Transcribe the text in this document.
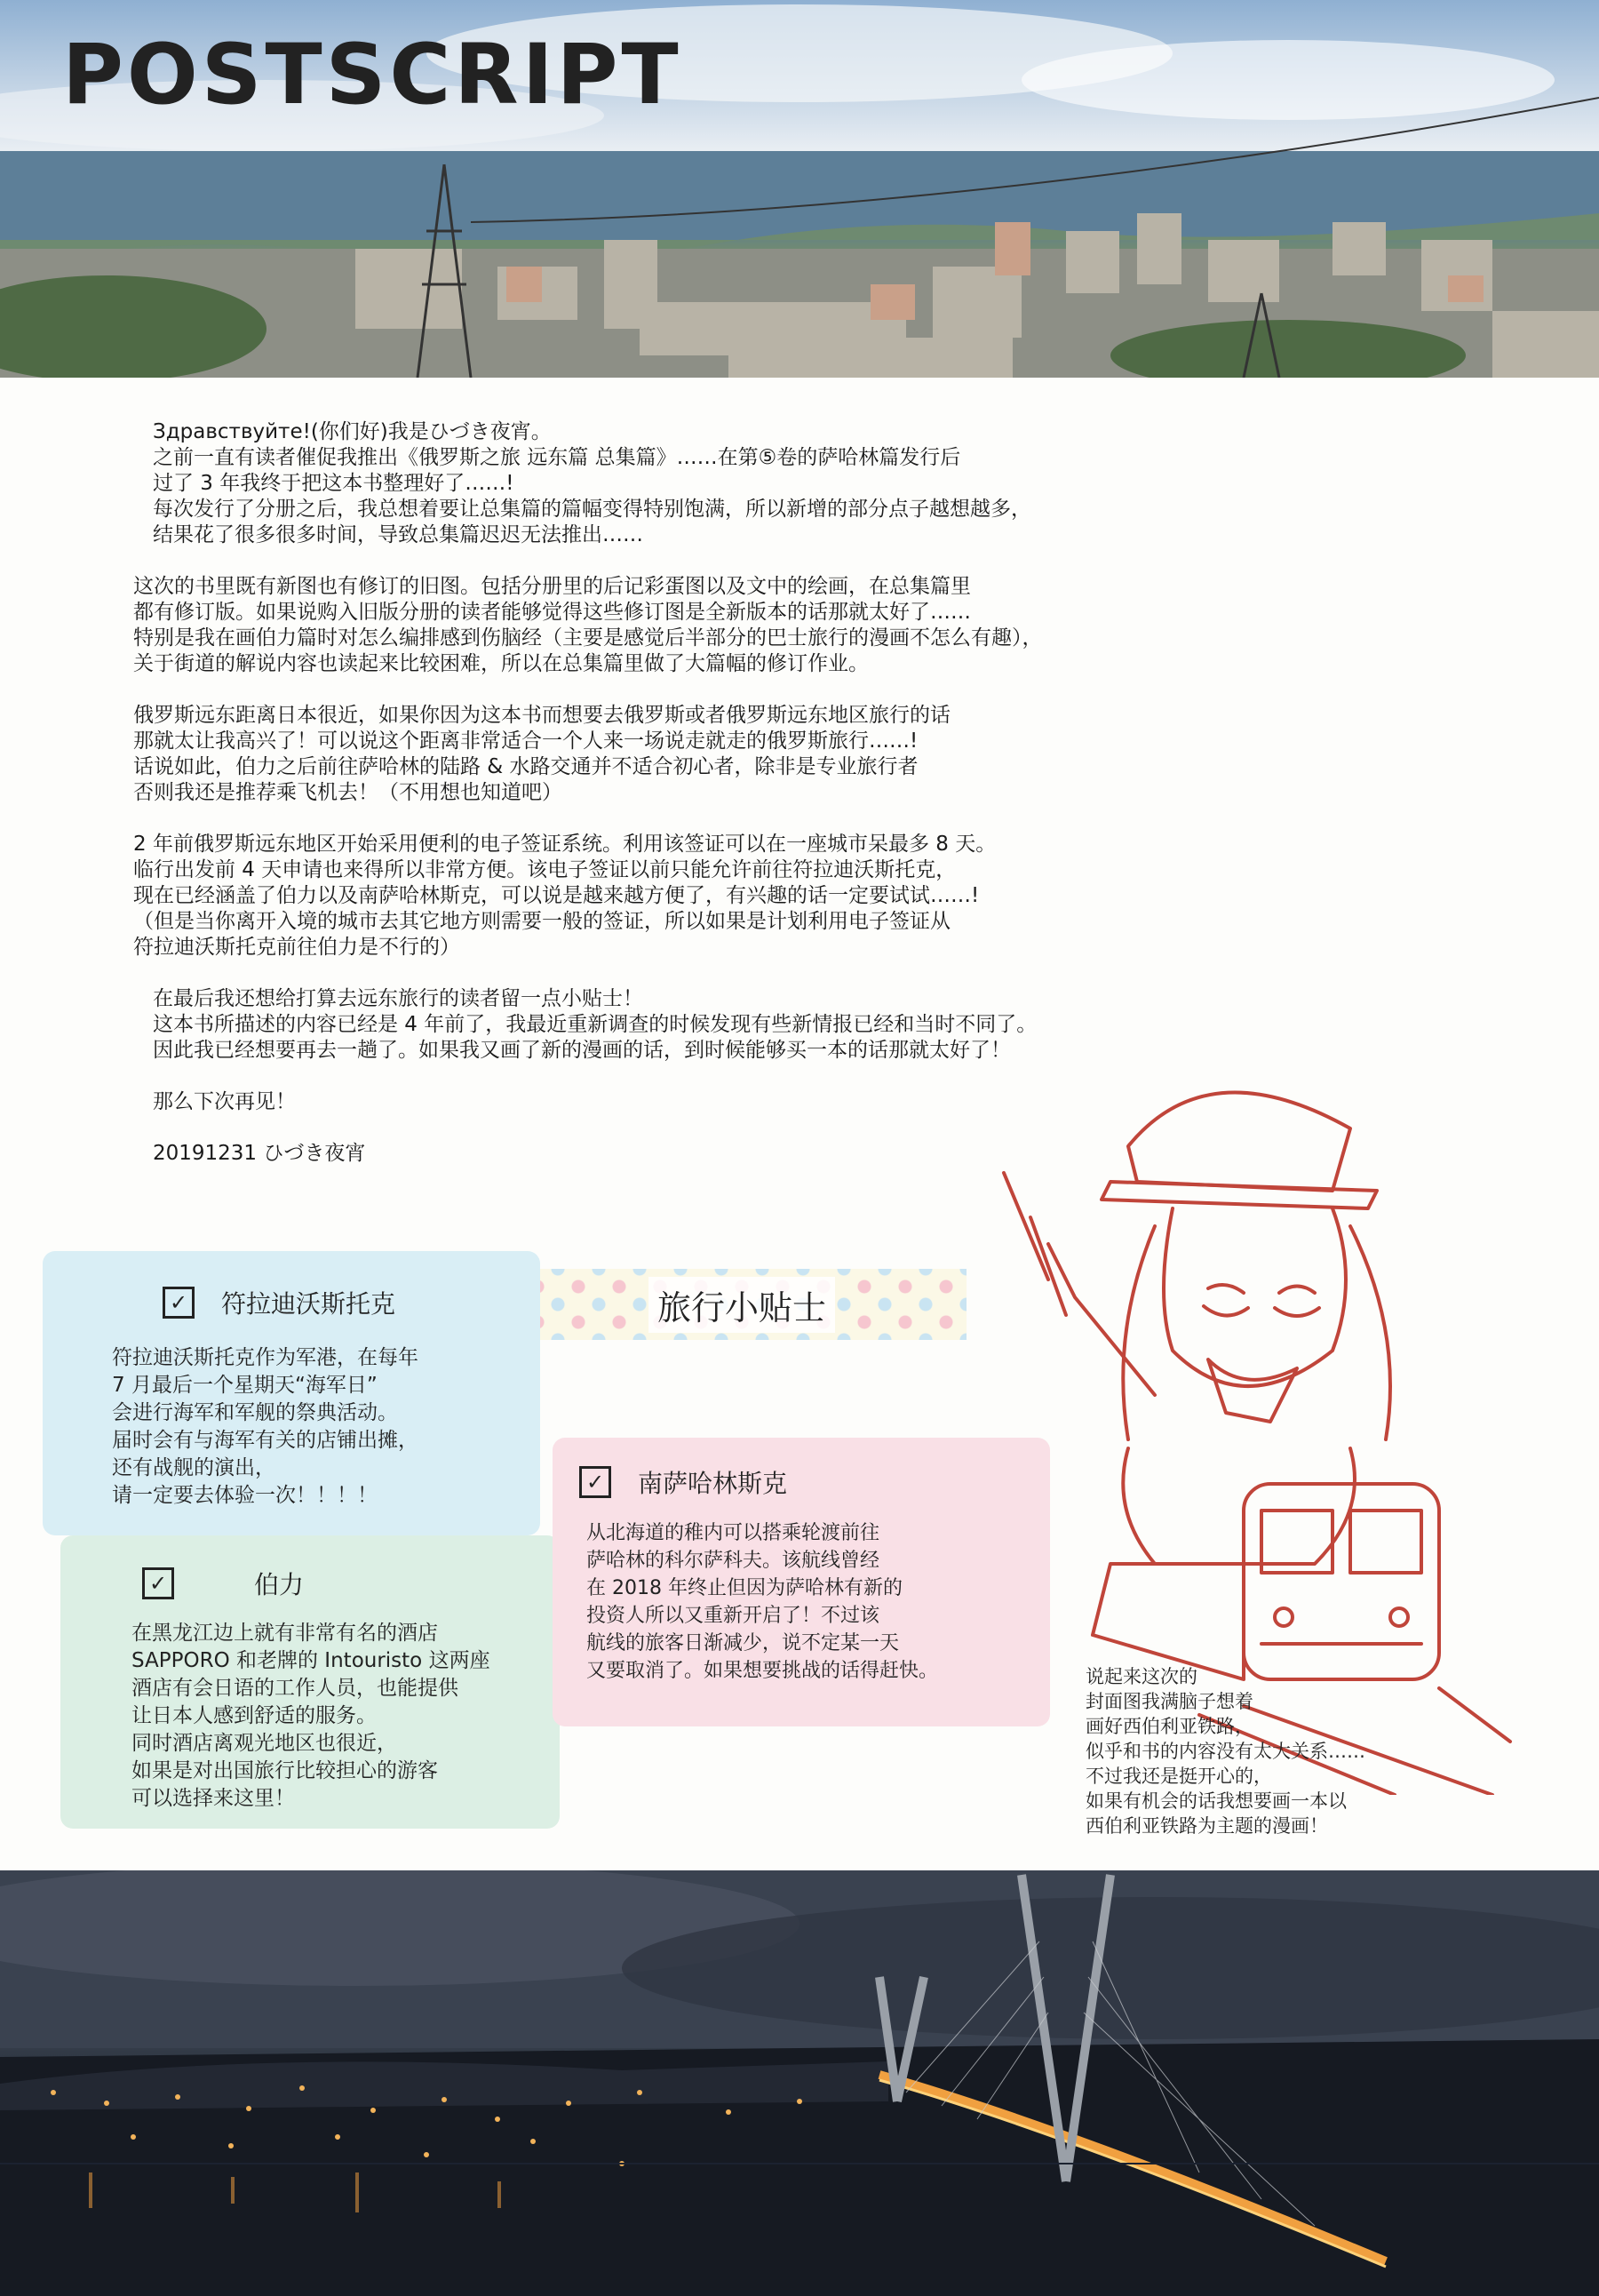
POSTSCRIPT
Здравствуйте!(你们好)我是ひづき夜宵。
之前一直有读者催促我推出《俄罗斯之旅 远东篇 总集篇》……在第⑤卷的萨哈林篇发行后
过了 3 年我终于把这本书整理好了……!
每次发行了分册之后，我总想着要让总集篇的篇幅变得特别饱满，所以新增的部分点子越想越多，
结果花了很多很多时间，导致总集篇迟迟无法推出……
这次的书里既有新图也有修订的旧图。包括分册里的后记彩蛋图以及文中的绘画，在总集篇里
都有修订版。如果说购入旧版分册的读者能够觉得这些修订图是全新版本的话那就太好了……
特别是我在画伯力篇时对怎么编排感到伤脑经（主要是感觉后半部分的巴士旅行的漫画不怎么有趣），
关于街道的解说内容也读起来比较困难，所以在总集篇里做了大篇幅的修订作业。
俄罗斯远东距离日本很近，如果你因为这本书而想要去俄罗斯或者俄罗斯远东地区旅行的话
那就太让我高兴了！可以说这个距离非常适合一个人来一场说走就走的俄罗斯旅行……!
话说如此，伯力之后前往萨哈林的陆路 & 水路交通并不适合初心者，除非是专业旅行者
否则我还是推荐乘飞机去！（不用想也知道吧）
2 年前俄罗斯远东地区开始采用便利的电子签证系统。利用该签证可以在一座城市呆最多 8 天。
临行出发前 4 天申请也来得所以非常方便。该电子签证以前只能允许前往符拉迪沃斯托克，
现在已经涵盖了伯力以及南萨哈林斯克，可以说是越来越方便了，有兴趣的话一定要试试……!
（但是当你离开入境的城市去其它地方则需要一般的签证，所以如果是计划利用电子签证从
符拉迪沃斯托克前往伯力是不行的）
在最后我还想给打算去远东旅行的读者留一点小贴士！
这本书所描述的内容已经是 4 年前了，我最近重新调查的时候发现有些新情报已经和当时不同了。
因此我已经想要再去一趟了。如果我又画了新的漫画的话，到时候能够买一本的话那就太好了！
那么下次再见！
20191231 ひづき夜宵
旅行小贴士
✓ 符拉迪沃斯托克
符拉迪沃斯托克作为军港，在每年
7 月最后一个星期天“海军日”
会进行海军和军舰的祭典活动。
届时会有与海军有关的店铺出摊，
还有战舰的演出，
请一定要去体验一次！！！！
✓	伯力
在黑龙江边上就有非常有名的酒店
SAPPORO 和老牌的 Intouristo 这两座
酒店有会日语的工作人员，也能提供
让日本人感到舒适的服务。
同时酒店离观光地区也很近，
如果是对出国旅行比较担心的游客
可以选择来这里！
✓ 南萨哈林斯克
从北海道的稚内可以搭乘轮渡前往
萨哈林的科尔萨科夫。该航线曾经
在 2018 年终止但因为萨哈林有新的
投资人所以又重新开启了！不过该
航线的旅客日渐减少，说不定某一天
又要取消了。如果想要挑战的话得赶快。	说起来这次的
封面图我满脑子想着
画好西伯利亚铁路，
似乎和书的内容没有太大关系……
不过我还是挺开心的，
如果有机会的话我想要画一本以
西伯利亚铁路为主题的漫画！
